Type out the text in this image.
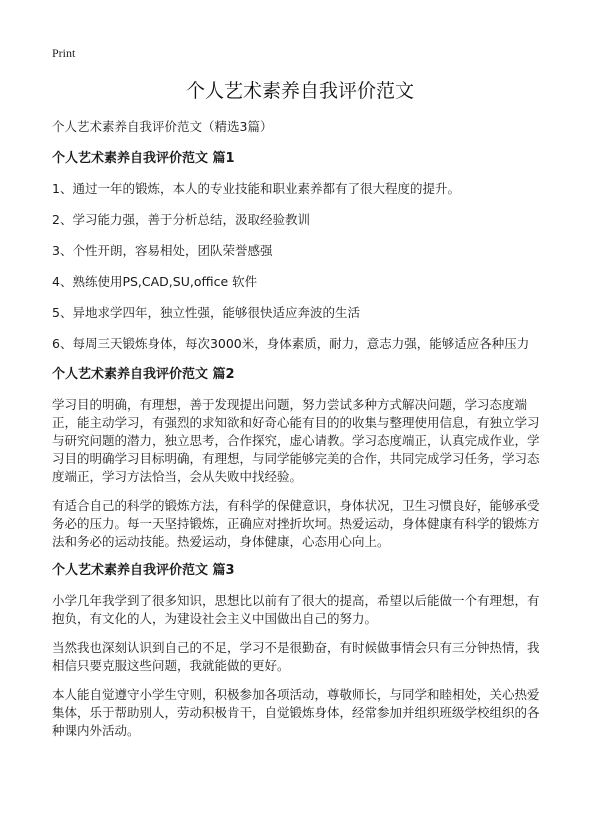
Print
个人艺术素养自我评价范文

个人艺术素养自我评价范文（精选3篇）

个人艺术素养自我评价范文 篇1

1、通过一年的锻炼，本人的专业技能和职业素养都有了很大程度的提升。

2、学习能力强，善于分析总结，汲取经验教训

3、个性开朗，容易相处，团队荣誉感强

4、熟练使用PS,CAD,SU,office 软件

5、异地求学四年，独立性强，能够很快适应奔波的生活

6、每周三天锻炼身体，每次3000米，身体素质，耐力，意志力强，能够适应各种压力

个人艺术素养自我评价范文 篇2

学习目的明确，有理想，善于发现提出问题，努力尝试多种方式解决问题，学习态度端正，能主动学习，有强烈的求知欲和好奇心能有目的的收集与整理使用信息，有独立学习与研究问题的潜力，独立思考，合作探究，虚心请教。学习态度端正，认真完成作业，学习目的明确学习目标明确，有理想，与同学能够完美的合作，共同完成学习任务，学习态度端正，学习方法恰当，会从失败中找经验。

有适合自己的科学的锻炼方法，有科学的保健意识，身体状况，卫生习惯良好，能够承受务必的压力。每一天坚持锻炼，正确应对挫折坎坷。热爱运动，身体健康有科学的锻炼方法和务必的运动技能。热爱运动，身体健康，心态用心向上。

个人艺术素养自我评价范文 篇3

小学几年我学到了很多知识，思想比以前有了很大的提高，希望以后能做一个有理想，有抱负，有文化的人，为建设社会主义中国做出自己的努力。

当然我也深刻认识到自己的不足，学习不是很勤奋，有时候做事情会只有三分钟热情，我相信只要克服这些问题，我就能做的更好。

本人能自觉遵守小学生守则，积极参加各项活动，尊敬师长，与同学和睦相处，关心热爱集体，乐于帮助别人，劳动积极肯干，自觉锻炼身体，经常参加并组织班级学校组织的各种课内外活动。
